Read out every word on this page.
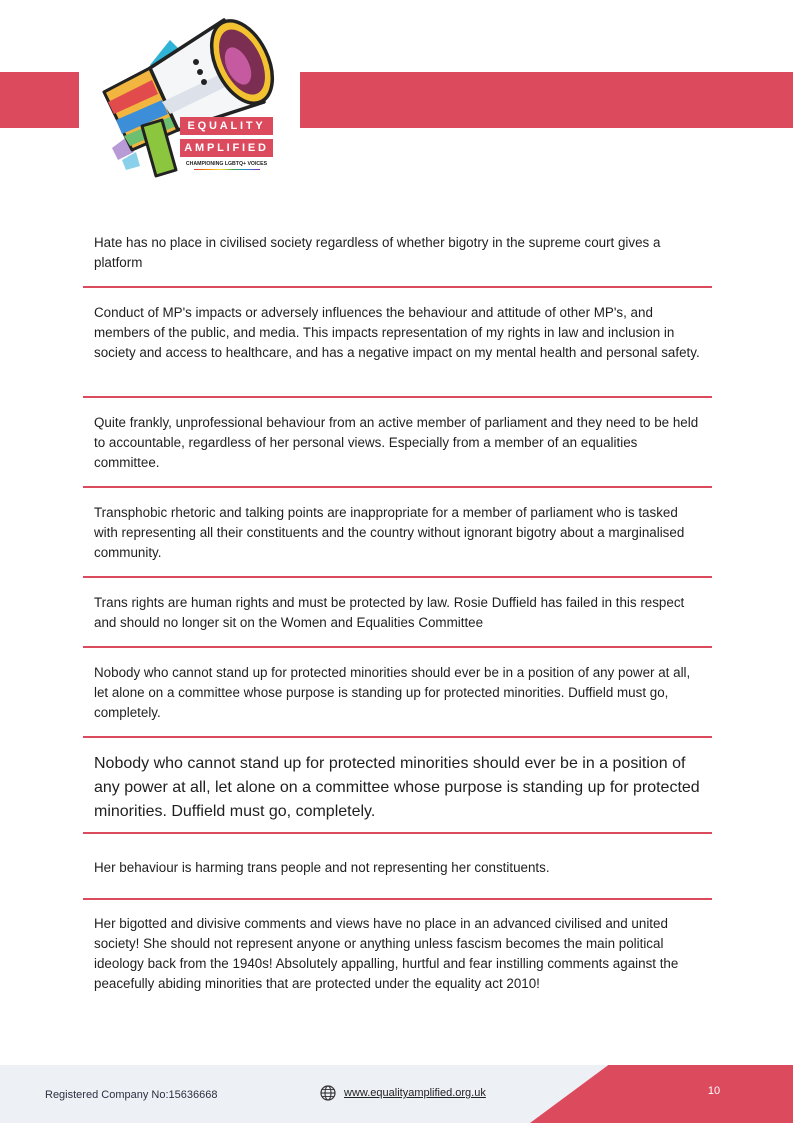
EQUALITY
AMPLIFIED
CHAMPIONING LGBTQ+ VOICES

Hate has no place in civilised society regardless of whether bigotry in the supreme court gives a platform

Conduct of MP's impacts or adversely influences the behaviour and attitude of other MP's, and members of the public, and media. This impacts representation of my rights in law and inclusion in society and access to healthcare, and has a negative impact on my mental health and personal safety.

Quite frankly, unprofessional behaviour from an active member of parliament and they need to be held to accountable, regardless of her personal views. Especially from a member of an equalities committee.

Transphobic rhetoric and talking points are inappropriate for a member of parliament who is tasked with representing all their constituents and the country without ignorant bigotry about a marginalised community.

Trans rights are human rights and must be protected by law. Rosie Duffield has failed in this respect and should no longer sit on the Women and Equalities Committee

Nobody who cannot stand up for protected minorities should ever be in a position of any power at all, let alone on a committee whose purpose is standing up for protected minorities. Duffield must go, completely.

Nobody who cannot stand up for protected minorities should ever be in a position of any power at all, let alone on a committee whose purpose is standing up for protected minorities. Duffield must go, completely.

Her behaviour is harming trans people and not representing her constituents.

Her bigotted and divisive comments and views have no place in an advanced civilised and united society! She should not represent anyone or anything unless fascism becomes the main political ideology back from the 1940s! Absolutely appalling, hurtful and fear instilling comments against the peacefully abiding minorities that are protected under the equality act 2010!

Registered Company No:15636668	www.equalityamplified.org.uk	10
